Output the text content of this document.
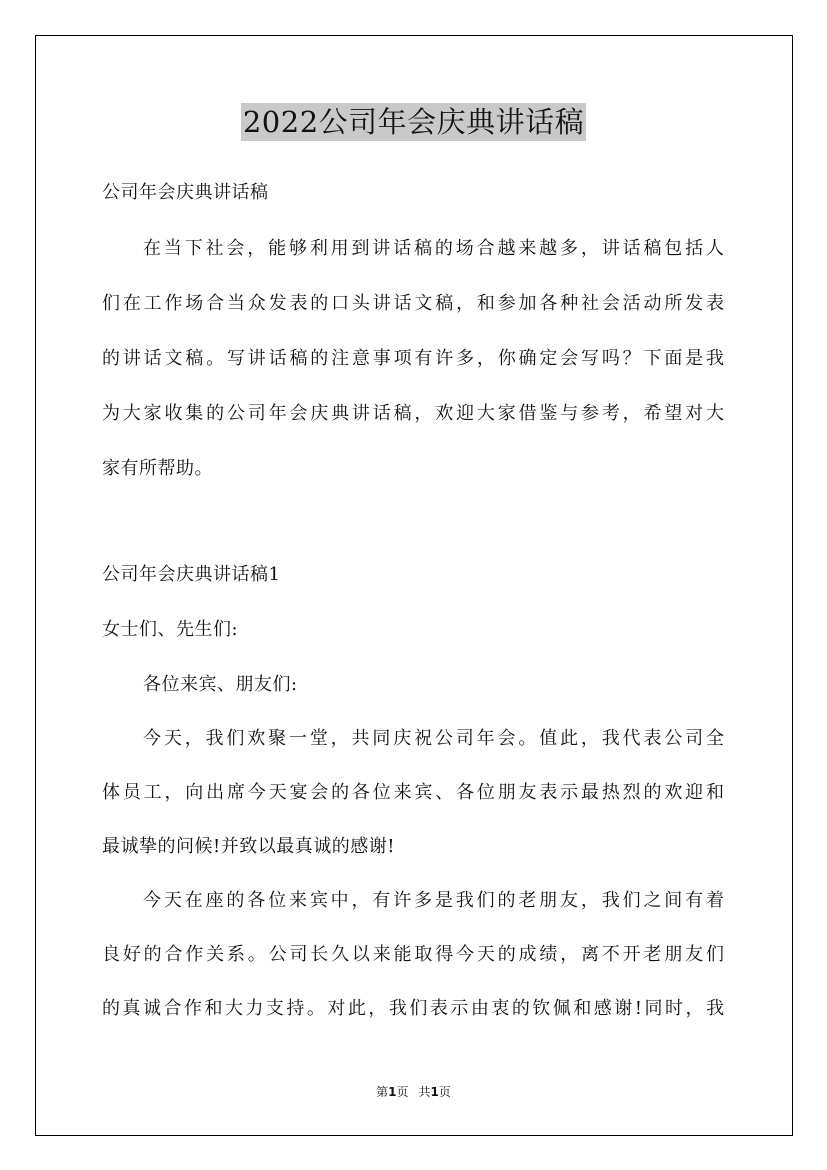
2022公司年会庆典讲话稿
公司年会庆典讲话稿
在当下社会，能够利用到讲话稿的场合越来越多，讲话稿包括人
们在工作场合当众发表的口头讲话文稿，和参加各种社会活动所发表
的讲话文稿。写讲话稿的注意事项有许多，你确定会写吗？下面是我
为大家收集的公司年会庆典讲话稿，欢迎大家借鉴与参考，希望对大
家有所帮助。
公司年会庆典讲话稿1
女士们、先生们:
各位来宾、朋友们:
今天，我们欢聚一堂，共同庆祝公司年会。值此，我代表公司全
体员工，向出席今天宴会的各位来宾、各位朋友表示最热烈的欢迎和
最诚挚的问候!并致以最真诚的感谢!
今天在座的各位来宾中，有许多是我们的老朋友，我们之间有着
良好的合作关系。公司长久以来能取得今天的成绩，离不开老朋友们
的真诚合作和大力支持。对此，我们表示由衷的钦佩和感谢!同时，我
第1页 共1页
